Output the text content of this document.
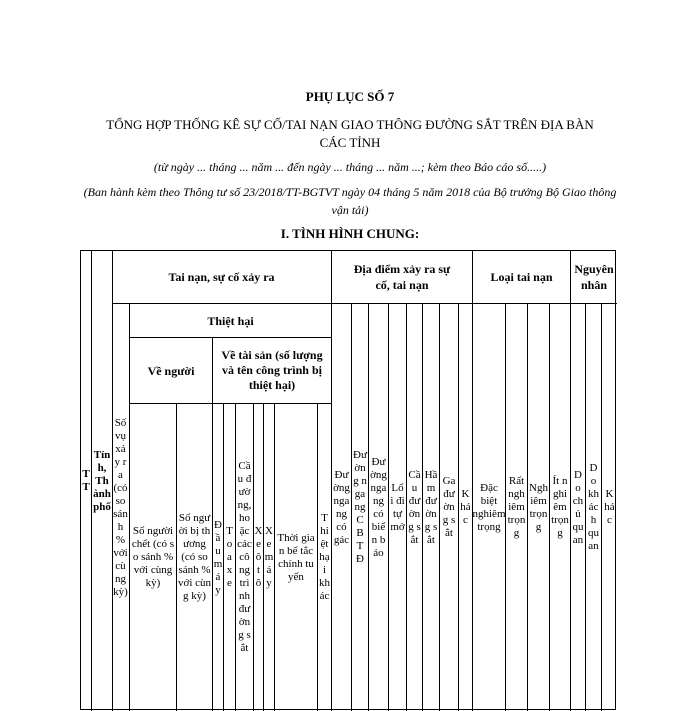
PHỤ LỤC SỐ 7
TỔNG HỢP THỐNG KÊ SỰ CỐ/TAI NẠN GIAO THÔNG ĐƯỜNG SẮT TRÊN ĐỊA BÀN CÁC TỈNH
(từ ngày ... tháng ... năm ... đến ngày ... tháng ... năm ...; kèm theo Báo cáo số.....)
(Ban hành kèm theo Thông tư số 23/2018/TT-BGTVT ngày 04 tháng 5 năm 2018 của Bộ trưởng Bộ Giao thông vận tải)
I. TÌNH HÌNH CHUNG:
Tai nạn, sự cố xảy ra
Địa điểm xảy ra sự cố, tai nạn
Loại tai nạn
Nguyên nhân
Thiệt hại
Về người
Về tài sản (số lượng và tên công trình bị thiệt hại)
TT
Tỉnh, Thành phố
Số vụ xảy ra (có so sánh % với cùng kỳ)
Số người chết (có so sánh % với cùng kỳ)
Số người bị thương (có so sánh % với cùng kỳ)
Đầu máy
Toa xe
Cầu đường, hoặc các công trình đường sắt
Xe ô tô
Xe máy
Thời gian bế tắc chính tuyến
Thiệt hại khác
Đường ngang có gác
Đường ngang CBTĐ
Đường ngang có biển báo
Lối đi tự mở
Cầu đường sắt
Hầm đường sắt
Ga đường sắt
Khác
Đặc biệt nghiêm trọng
Rất nghiêm trọng
Nghiêm trọng
Ít nghiêm trọng
Do chủ quan
Do khách quan
Khác
